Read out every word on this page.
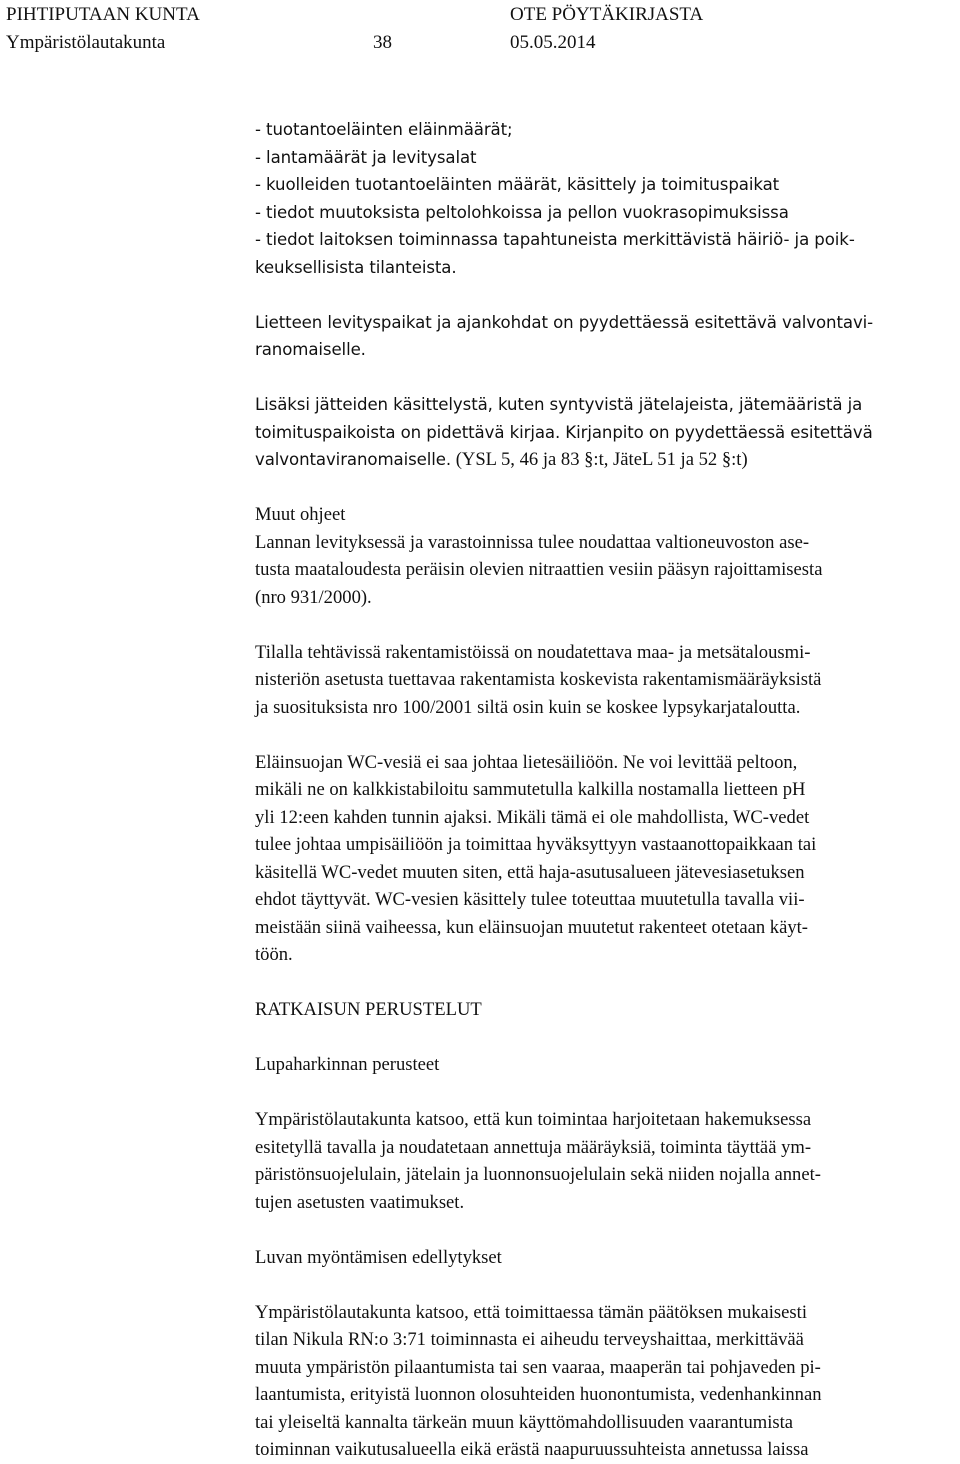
PIHTIPUTAAN KUNTA	OTE PÖYTÄKIRJASTA
Ympäristölautakunta	38	05.05.2014
- tuotantoeläinten eläinmäärät;
- lantamäärät ja levitysalat
- kuolleiden tuotantoeläinten määrät, käsittely ja toimituspaikat
- tiedot muutoksista peltolohkoissa ja pellon vuokrasopimuksissa
- tiedot laitoksen toiminnassa tapahtuneista merkittävistä häiriö- ja poik-
keuksellisista tilanteista.
Lietteen levityspaikat ja ajankohdat on pyydettäessä esitettävä valvontavi-
ranomaiselle.
Lisäksi jätteiden käsittelystä, kuten syntyvistä jätelajeista, jätemääristä ja
toimituspaikoista on pidettävä kirjaa. Kirjanpito on pyydettäessä esitettävä
valvontaviranomaiselle. (YSL 5, 46 ja 83 §:t, JäteL 51 ja 52 §:t)
Muut ohjeet
Lannan levityksessä ja varastoinnissa tulee noudattaa valtioneuvoston ase-
tusta maataloudesta peräisin olevien nitraattien vesiin pääsyn rajoittamisesta
(nro 931/2000).
Tilalla tehtävissä rakentamistöissä on noudatettava maa- ja metsätalousmi-
nisteriön asetusta tuettavaa rakentamista koskevista rakentamismääräyksistä
ja suosituksista nro 100/2001 siltä osin kuin se koskee lypsykarjataloutta.
Eläinsuojan WC-vesiä ei saa johtaa lietesäiliöön. Ne voi levittää peltoon,
mikäli ne on kalkkistabiloitu sammutetulla kalkilla nostamalla lietteen pH
yli 12:een kahden tunnin ajaksi. Mikäli tämä ei ole mahdollista, WC-vedet
tulee johtaa umpisäiliöön ja toimittaa hyväksyttyyn vastaanottopaikkaan tai
käsitellä WC-vedet muuten siten, että haja-asutusalueen jätevesiasetuksen
ehdot täyttyvät. WC-vesien käsittely tulee toteuttaa muutetulla tavalla vii-
meistään siinä vaiheessa, kun eläinsuojan muutetut rakenteet otetaan käyt-
töön.
RATKAISUN PERUSTELUT
Lupaharkinnan perusteet
Ympäristölautakunta katsoo, että kun toimintaa harjoitetaan hakemuksessa
esitetyllä tavalla ja noudatetaan annettuja määräyksiä, toiminta täyttää ym-
päristönsuojelulain, jätelain ja luonnonsuojelulain sekä niiden nojalla annet-
tujen asetusten vaatimukset.
Luvan myöntämisen edellytykset
Ympäristölautakunta katsoo, että toimittaessa tämän päätöksen mukaisesti
tilan Nikula RN:o 3:71 toiminnasta ei aiheudu terveyshaittaa, merkittävää
muuta ympäristön pilaantumista tai sen vaaraa, maaperän tai pohjaveden pi-
laantumista, erityistä luonnon olosuhteiden huonontumista, vedenhankinnan
tai yleiseltä kannalta tärkeän muun käyttömahdollisuuden vaarantumista
toiminnan vaikutusalueella eikä erästä naapuruussuhteista annetussa laissa
